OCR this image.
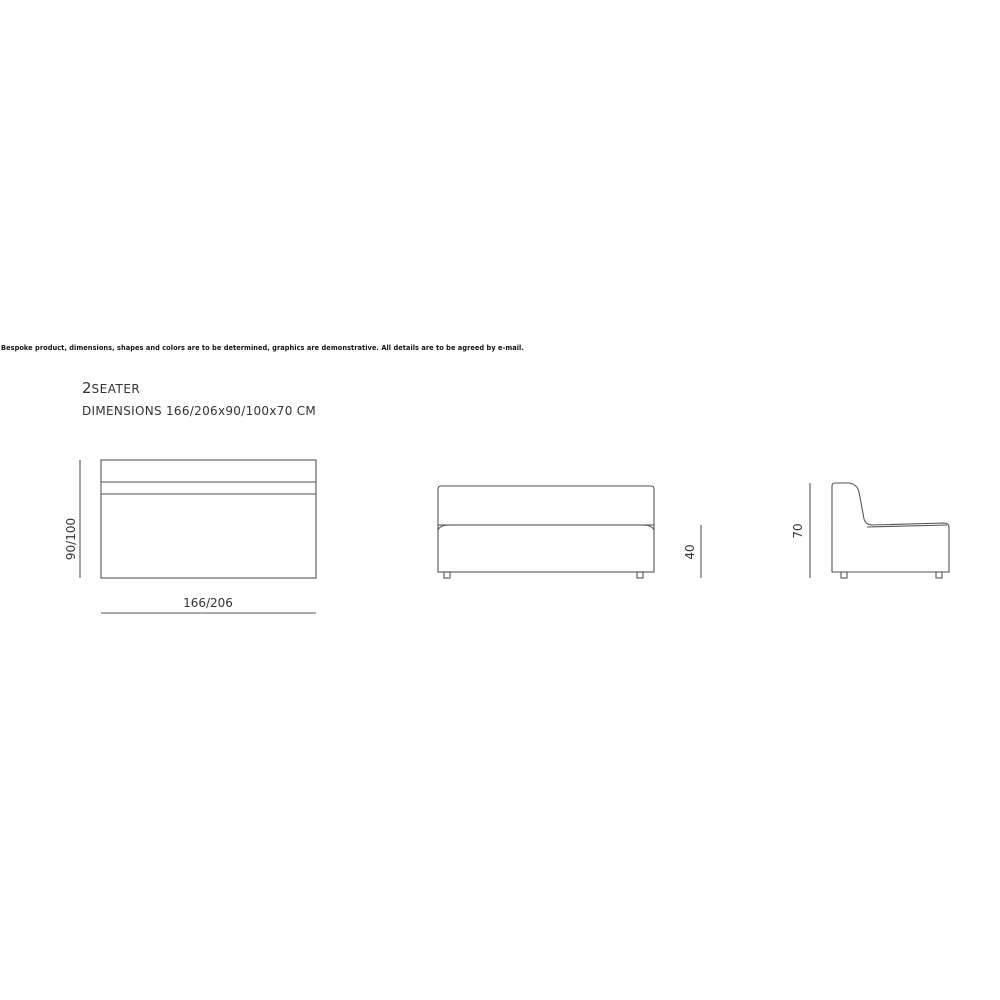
Bespoke product, dimensions, shapes and colors are to be determined, graphics are demonstrative. All details are to be agreed by e-mail.
2SEATER
DIMENSIONS 166/206x90/100x70 CM
90/100
166/206
40
70
